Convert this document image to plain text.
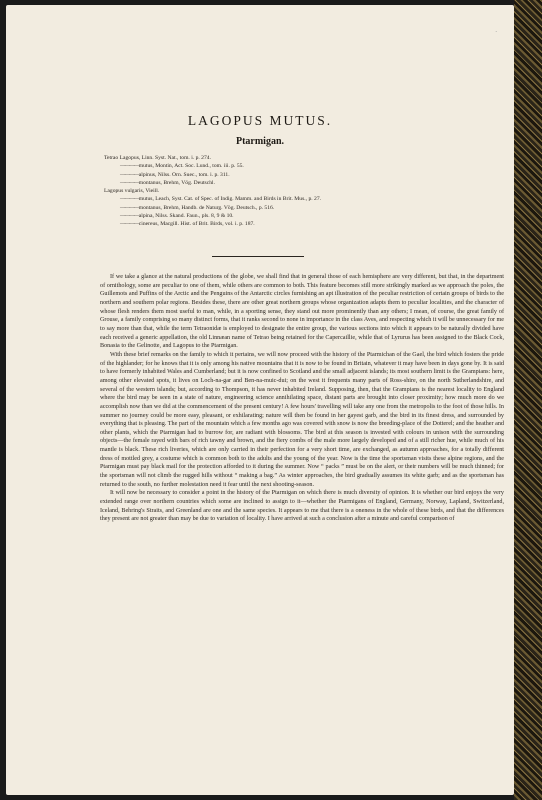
·
LAGOPUS MUTUS.
Ptarmigan.
Tetrao Lagopus, Linn. Syst. Nat., tom. i. p. 274.
———— mutus, Montin, Act. Soc. Lund., tom. iii. p. 55.
———— alpinus, Nilss. Orn. Suec., tom. i. p. 311.
———— montanus, Brehm, Vög. Deutschl.
Lagopus vulgaris, Vieill.
———— mutus, Leach, Syst. Cat. of Spec. of Indig. Mamm. and Birds in Brit. Mus., p. 27.
———— montanus, Brehm, Handb. de Naturg. Vög. Deutsch., p. 516.
———— alpina, Nilss. Skand. Faun., pls. 8, 9 & 10.
———— cinereus, Macgill. Hist. of Brit. Birds, vol. i. p. 187.

If we take a glance at the natural productions of the globe, we shall find that in general those of each hemisphere are very different, but that, in the department of ornithology, some are peculiar to one of them, while others are common to both. This feature becomes still more strikingly marked as we approach the poles, the Guillemots and Puffins of the Arctic and the Penguins of the Antarctic circles furnishing an apt illustration of the peculiar restriction of certain groups of birds to the northern and southern polar regions. Besides these, there are other great northern groups whose organization adapts them to peculiar localities, and the character of whose flesh renders them most useful to man, while, in a sporting sense, they stand out more prominently than any others; I mean, of course, the great family of Grouse, a family comprising so many distinct forms, that it ranks second to none in importance in the class Aves, and respecting which it will be unnecessary for me to say more than that, while the term Tetraonidæ is employed to designate the entire group, the various sections into which it appears to be naturally divided have each received a generic appellation, the old Linnæan name of Tetrao being retained for the Capercaillie, while that of Lyrurus has been assigned to the Black Cock, Bonasia to the Gelinotte, and Lagopus to the Ptarmigan.

With these brief remarks on the family to which it pertains, we will now proceed with the history of the Ptarmichan of the Gael, the bird which fosters the pride of the highlander; for he knows that it is only among his native mountains that it is now to be found in Britain, whatever it may have been in days gone by. It is said to have formerly inhabited Wales and Cumberland; but it is now confined to Scotland and the small adjacent islands; its most southern limit is the Grampians: here, among other elevated spots, it lives on Loch-na-gar and Ben-na-muic-dui; on the west it frequents many parts of Ross-shire, on the north Sutherlandshire, and several of the western islands; but, according to Thompson, it has never inhabited Ireland. Supposing, then, that the Grampians is the nearest locality to England where the bird may be seen in a state of nature, engineering science annihilating space, distant parts are brought into closer proximity; how much more do we accomplish now than we did at the commencement of the present century! A few hours' travelling will take any one from the metropolis to the foot of those hills. In summer no journey could be more easy, pleasant, or exhilarating; nature will then be found in her gayest garb, and the bird in its finest dress, and surrounded by everything that is pleasing. The part of the mountain which a few months ago was covered with snow is now the breeding-place of the Dotterel; and the heather and other plants, which the Ptarmigan had to burrow for, are radiant with blossoms. The bird at this season is invested with colours in unison with the surrounding objects—the female rayed with bars of rich tawny and brown, and the fiery combs of the male more largely developed and of a still richer hue, while much of his mantle is black. These rich liveries, which are only carried in their perfection for a very short time, are exchanged, as autumn approaches, for a totally different dress of mottled grey, a costume which is common both to the adults and the young of the year. Now is the time the sportsman visits these alpine regions, and the Ptarmigan must pay black mail for the protection afforded to it during the summer. Now “ packs ” must be on the alert, or their numbers will be much thinned; for the sportsman will not climb the rugged hills without “ making a bag.” As winter approaches, the bird gradually assumes its white garb; and as the sportsman has returned to the south, no further molestation need it fear until the next shooting-season.

It will now be necessary to consider a point in the history of the Ptarmigan on which there is much diversity of opinion. It is whether our bird enjoys the very extended range over northern countries which some are inclined to assign to it—whether the Ptarmigans of England, Germany, Norway, Lapland, Switzerland, Iceland, Behring's Straits, and Greenland are one and the same species. It appears to me that there is a oneness in the whole of these birds, and that the differences they present are not greater than may be due to variation of locality. I have arrived at such a conclusion after a minute and careful comparison of
